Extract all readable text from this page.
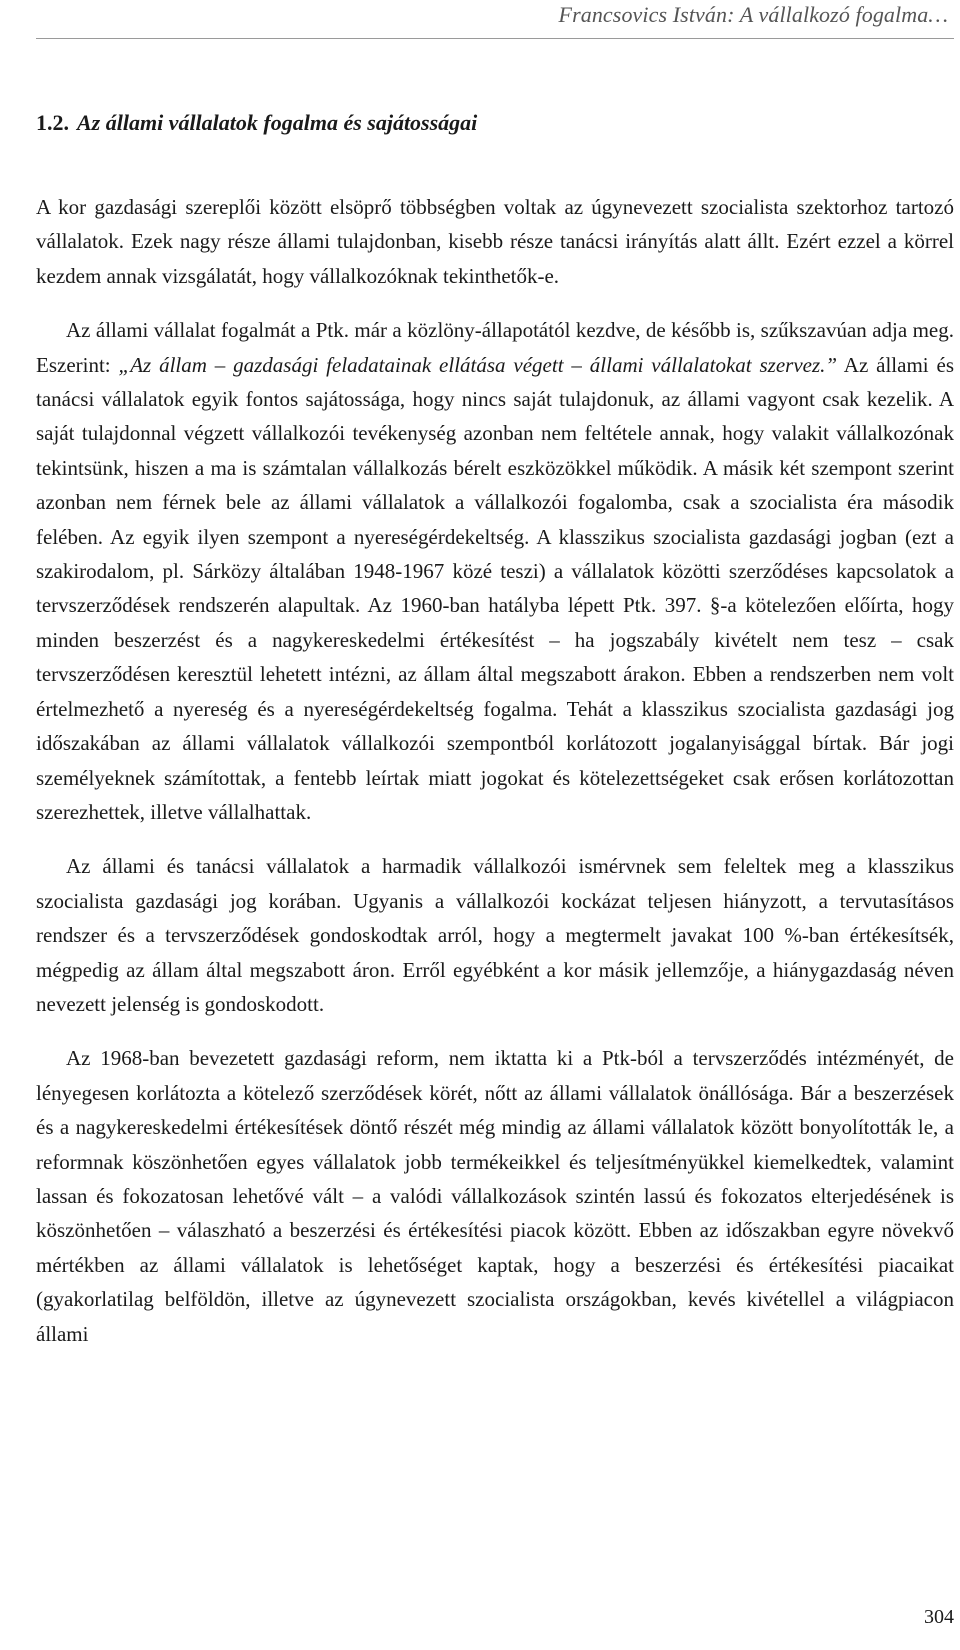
Francsovics István: A vállalkozó fogalma…
1.2. Az állami vállalatok fogalma és sajátosságai

A kor gazdasági szereplői között elsöprő többségben voltak az úgynevezett szocialista szektorhoz tartozó vállalatok. Ezek nagy része állami tulajdonban, kisebb része tanácsi irányítás alatt állt. Ezért ezzel a körrel kezdem annak vizsgálatát, hogy vállalkozóknak tekinthetők-e.

Az állami vállalat fogalmát a Ptk. már a közlöny-állapotától kezdve, de később is, szűkszavúan adja meg. Eszerint: „Az állam – gazdasági feladatainak ellátása végett – állami vállalatokat szervez.” Az állami és tanácsi vállalatok egyik fontos sajátossága, hogy nincs saját tulajdonuk, az állami vagyont csak kezelik. A saját tulajdonnal végzett vállalkozói tevékenység azonban nem feltétele annak, hogy valakit vállalkozónak tekintsünk, hiszen a ma is számtalan vállalkozás bérelt eszközökkel működik. A másik két szempont szerint azonban nem férnek bele az állami vállalatok a vállalkozói fogalomba, csak a szocialista éra második felében. Az egyik ilyen szempont a nyereségérdekeltség. A klasszikus szocialista gazdasági jogban (ezt a szakirodalom, pl. Sárközy általában 1948-1967 közé teszi) a vállalatok közötti szerződéses kapcsolatok a tervszerződések rendszerén alapultak. Az 1960-ban hatályba lépett Ptk. 397. §-a kötelezően előírta, hogy minden beszerzést és a nagykereskedelmi értékesítést – ha jogszabály kivételt nem tesz – csak tervszerződésen keresztül lehetett intézni, az állam által megszabott árakon. Ebben a rendszerben nem volt értelmezhető a nyereség és a nyereségérdekeltség fogalma. Tehát a klasszikus szocialista gazdasági jog időszakában az állami vállalatok vállalkozói szempontból korlátozott jogalanyisággal bírtak. Bár jogi személyeknek számítottak, a fentebb leírtak miatt jogokat és kötelezettségeket csak erősen korlátozottan szerezhettek, illetve vállalhattak.

Az állami és tanácsi vállalatok a harmadik vállalkozói ismérvnek sem feleltek meg a klasszikus szocialista gazdasági jog korában. Ugyanis a vállalkozói kockázat teljesen hiányzott, a tervutasításos rendszer és a tervszerződések gondoskodtak arról, hogy a megtermelt javakat 100 %-ban értékesítsék, mégpedig az állam által megszabott áron. Erről egyébként a kor másik jellemzője, a hiánygazdaság néven nevezett jelenség is gondoskodott.

Az 1968-ban bevezetett gazdasági reform, nem iktatta ki a Ptk-ból a tervszerződés intézményét, de lényegesen korlátozta a kötelező szerződések körét, nőtt az állami vállalatok önállósága. Bár a beszerzések és a nagykereskedelmi értékesítések döntő részét még mindig az állami vállalatok között bonyolították le, a reformnak köszönhetően egyes vállalatok jobb termékeikkel és teljesítményükkel kiemelkedtek, valamint lassan és fokozatosan lehetővé vált – a valódi vállalkozások szintén lassú és fokozatos elterjedésének is köszönhetően – válaszható a beszerzési és értékesítési piacok között. Ebben az időszakban egyre növekvő mértékben az állami vállalatok is lehetőséget kaptak, hogy a beszerzési és értékesítési piacaikat (gyakorlatilag belföldön, illetve az úgynevezett szocialista országokban, kevés kivétellel a világpiacon állami

304
